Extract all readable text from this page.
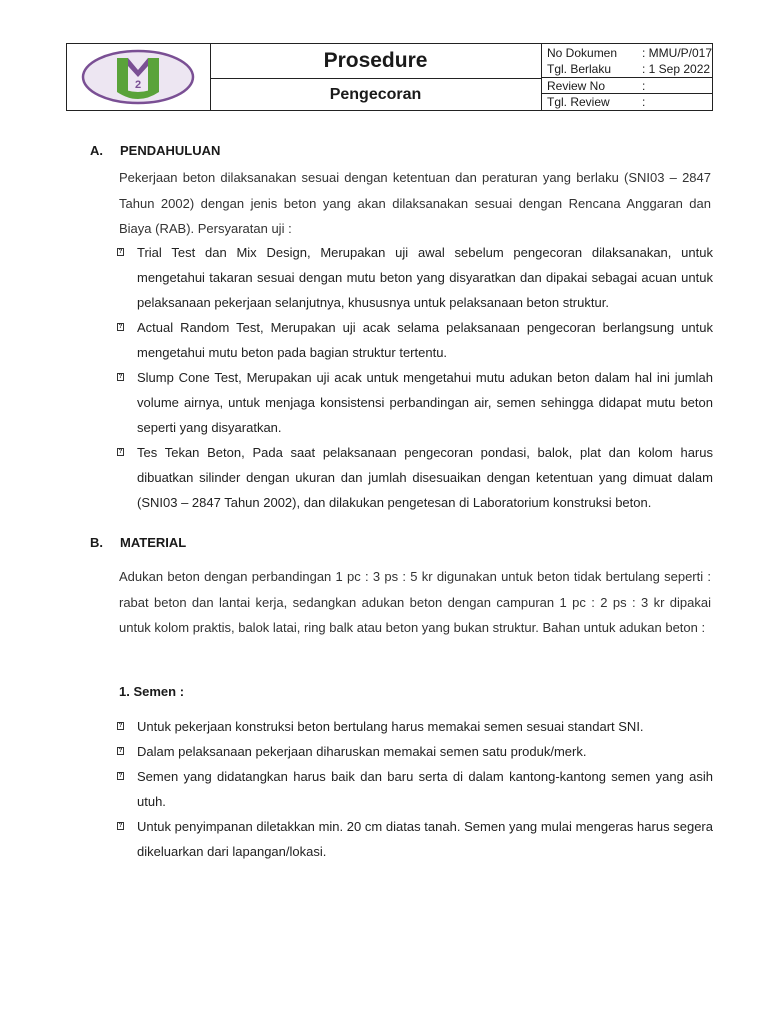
2
Prosedure
Pengecoran
No Dokumen : MMU/P/017
Tgl. Berlaku	: 1 Sep 2022
Review No	:
Tgl. Review	:
A. PENDAHULUAN
Pekerjaan beton dilaksanakan sesuai dengan ketentuan dan peraturan yang berlaku (SNI03 – 2847 Tahun 2002) dengan jenis beton yang akan dilaksanakan sesuai dengan Rencana Anggaran dan Biaya (RAB). Persyaratan uji :
? Trial Test dan Mix Design, Merupakan uji awal sebelum pengecoran dilaksanakan, untuk mengetahui takaran sesuai dengan mutu beton yang disyaratkan dan dipakai sebagai acuan untuk pelaksanaan pekerjaan selanjutnya, khususnya untuk pelaksanaan beton struktur.
? Actual Random Test, Merupakan uji acak selama pelaksanaan pengecoran berlangsung untuk mengetahui mutu beton pada bagian struktur tertentu.
? Slump Cone Test, Merupakan uji acak untuk mengetahui mutu adukan beton dalam hal ini jumlah volume airnya, untuk menjaga konsistensi perbandingan air, semen sehingga didapat mutu beton seperti yang disyaratkan.
? Tes Tekan Beton, Pada saat pelaksanaan pengecoran pondasi, balok, plat dan kolom harus dibuatkan silinder dengan ukuran dan jumlah disesuaikan dengan ketentuan yang dimuat dalam (SNI03 – 2847 Tahun 2002), dan dilakukan pengetesan di Laboratorium konstruksi beton.
B. MATERIAL
Adukan beton dengan perbandingan 1 pc : 3 ps : 5 kr digunakan untuk beton tidak bertulang seperti : rabat beton dan lantai kerja, sedangkan adukan beton dengan campuran 1 pc : 2 ps : 3 kr dipakai untuk kolom praktis, balok latai, ring balk atau beton yang bukan struktur. Bahan untuk adukan beton :
1. Semen :
? Untuk pekerjaan konstruksi beton bertulang harus memakai semen sesuai standart SNI.
? Dalam pelaksanaan pekerjaan diharuskan memakai semen satu produk/merk.
? Semen yang didatangkan harus baik dan baru serta di dalam kantong-kantong semen yang asih utuh.
? Untuk penyimpanan diletakkan min. 20 cm diatas tanah. Semen yang mulai mengeras harus segera dikeluarkan dari lapangan/lokasi.
